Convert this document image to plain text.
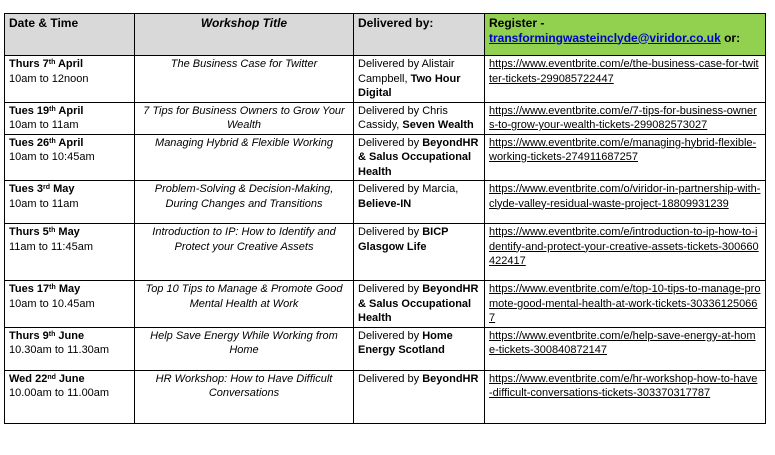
Date & Time	Workshop Title	Delivered by:	Register -
transformingwasteinclyde@viridor.co.uk or:
Thurs 7th April
10am to 12noon	The Business Case for Twitter	Delivered by Alistair Campbell, Two Hour Digital	https://www.eventbrite.com/e/the-business-case-for-twitter-tickets-299085722447

Tues 19th April
10am to 11am	7 Tips for Business Owners to Grow Your Wealth	Delivered by Chris Cassidy, Seven Wealth	https://www.eventbrite.com/e/7-tips-for-business-owners-to-grow-your-wealth-tickets-299082573027

Tues 26th April
10am to 10:45am	Managing Hybrid & Flexible Working	Delivered by BeyondHR & Salus Occupational Health	https://www.eventbrite.com/e/managing-hybrid-flexible-working-tickets-274911687257

Tues 3rd May
10am to 11am	Problem-Solving & Decision-Making, During Changes and Transitions	Delivered by Marcia, Believe-IN	https://www.eventbrite.com/o/viridor-in-partnership-with-clyde-valley-residual-waste-project-18809931239

Thurs 5th May
11am to 11:45am	Introduction to IP: How to Identify and Protect your Creative Assets	Delivered by BICP Glasgow Life	https://www.eventbrite.com/e/introduction-to-ip-how-to-identify-and-protect-your-creative-assets-tickets-300660422417

Tues 17th May
10am to 10.45am	Top 10 Tips to Manage & Promote Good Mental Health at Work	Delivered by BeyondHR & Salus Occupational Health	https://www.eventbrite.com/e/top-10-tips-to-manage-promote-good-mental-health-at-work-tickets-303361250667

Thurs 9th June
10.30am to 11.30am	Help Save Energy While Working from Home	Delivered by Home Energy Scotland	https://www.eventbrite.com/e/help-save-energy-at-home-tickets-300840872147

Wed 22nd June
10.00am to 11.00am	HR Workshop: How to Have Difficult Conversations	Delivered by BeyondHR	https://www.eventbrite.com/e/hr-workshop-how-to-have-difficult-conversations-tickets-303370317787
